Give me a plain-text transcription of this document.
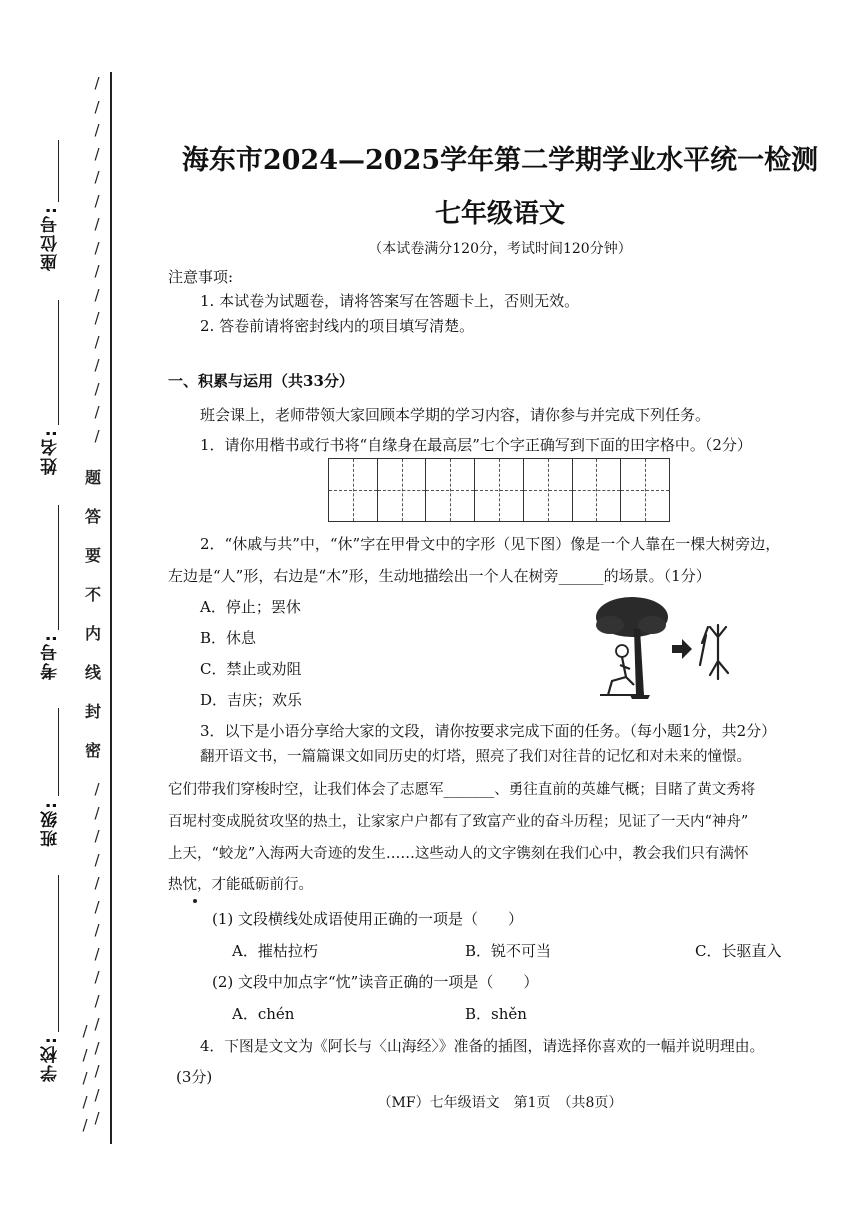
/
/
/
/
/
/
/
/
/
/
/
/
/
/
/
/
/
/
/
/
/
/
/
/
/
/
/
/
/
/
/
/
/
/
/
/
题
答
要
不
内
线
封
密
座位号:
姓名:
考号:
班级:
学校:
海东市2024—2025学年第二学期学业水平统一检测
七年级语文
（本试卷满分120分，考试时间120分钟）
注意事项:
1. 本试卷为试题卷，请将答案写在答题卡上，否则无效。
2. 答卷前请将密封线内的项目填写清楚。
一、积累与运用（共33分）
班会课上，老师带领大家回顾本学期的学习内容，请你参与并完成下列任务。
1．请你用楷书或行书将“自缘身在最高层”七个字正确写到下面的田字格中。（2分）
2．“休戚与共”中，“休”字在甲骨文中的字形（见下图）像是一个人靠在一棵大树旁边，
左边是“人”形，右边是“木”形，生动地描绘出一个人在树旁______的场景。（1分）
A．停止；罢休
B．休息
C．禁止或劝阻
D．吉庆；欢乐
3．以下是小语分享给大家的文段，请你按要求完成下面的任务。（每小题1分，共2分）
翻开语文书，一篇篇课文如同历史的灯塔，照亮了我们对往昔的记忆和对未来的憧憬。
它们带我们穿梭时空，让我们体会了志愿军_______、勇往直前的英雄气概；目睹了黄文秀将
百坭村变成脱贫攻坚的热土，让家家户户都有了致富产业的奋斗历程；见证了一天内“神舟”
上天，“蛟龙”入海两大奇迹的发生……这些动人的文字镌刻在我们心中，教会我们只有满怀
热忱，才能砥砺前行。
(1) 文段横线处成语使用正确的一项是（　　）
A．摧枯拉朽	B．锐不可当	C．长驱直入
(2) 文段中加点字“忱”读音正确的一项是（　　）
A．chén	B．shěn
4．下图是文文为《阿长与〈山海经〉》准备的插图，请选择你喜欢的一幅并说明理由。
(3分)
（MF）七年级语文　第1页　（共8页）
